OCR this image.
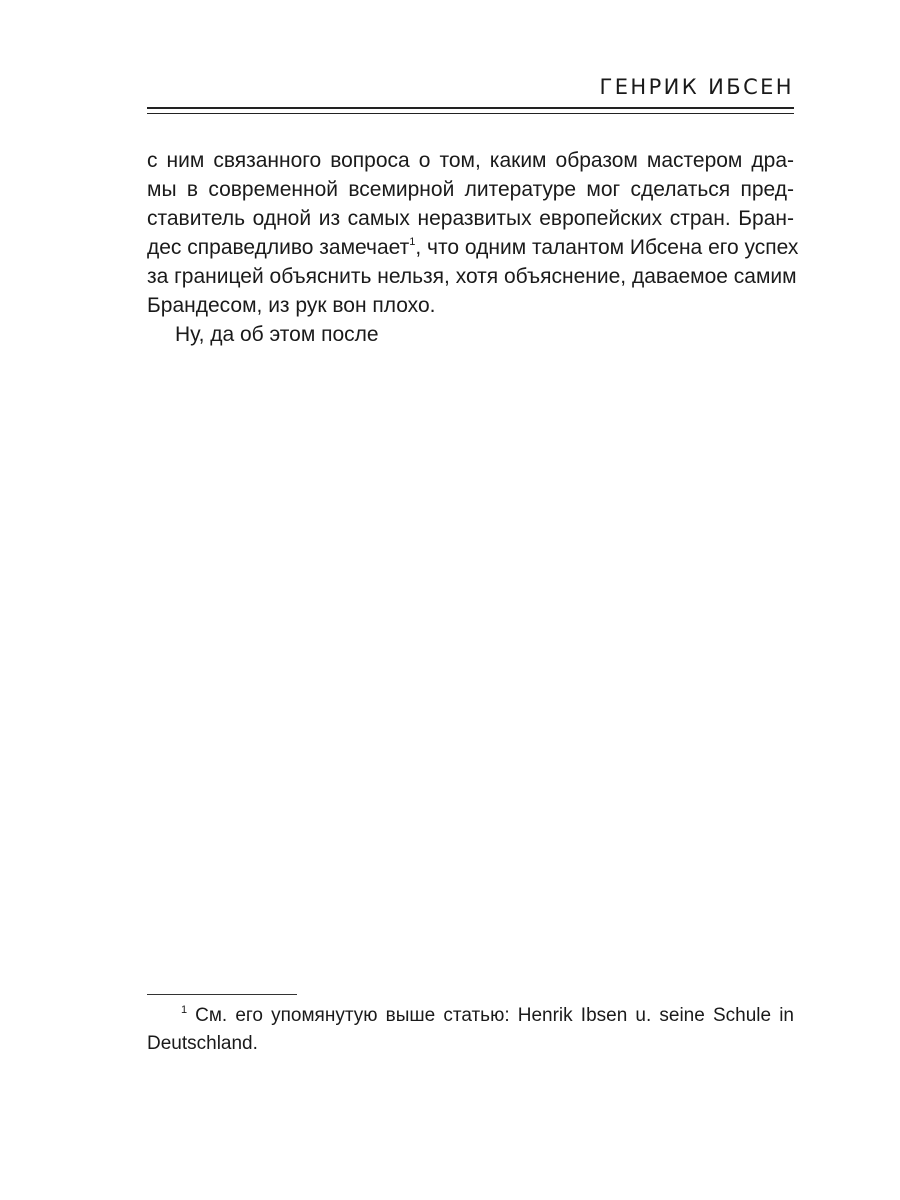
ГЕНРИК ИБСЕН
с ним связанного вопроса о том, каким образом мастером дра-
мы в современной всемирной литературе мог сделаться пред-
ставитель одной из самых неразвитых европейских стран. Бран-
дес справедливо замечает$^1$, что одним талантом Ибсена его успех
за границей объяснить нельзя, хотя объяснение, даваемое самим
Брандесом, из рук вон плохо.
Ну, да об этом после
1 См. его упомянутую выше статью: Henrik Ibsen u. seine Schule in
Deutschland.
